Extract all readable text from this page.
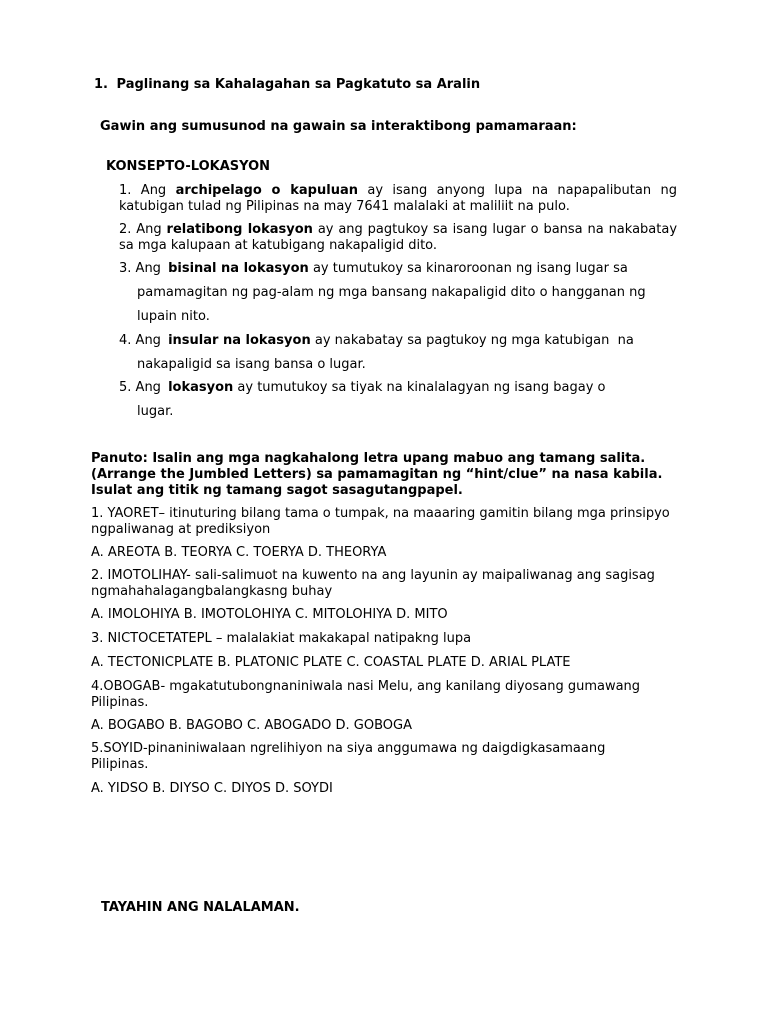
1. Paglinang sa Kahalagahan sa Pagkatuto sa Aralin
Gawin ang sumusunod na gawain sa interaktibong pamamaraan:
KONSEPTO-LOKASYON
1. Ang archipelago o kapuluan ay isang anyong lupa na napapalibutan ng katubigan tulad ng Pilipinas na may 7641 malalaki at maliliit na pulo.
2. Ang relatibong lokasyon ay ang pagtukoy sa isang lugar o bansa na nakabatay sa mga kalupaan at katubigang nakapaligid dito.
3. Ang bisinal na lokasyon ay tumutukoy sa kinaroroonan ng isang lugar sa
pamamagitan ng pag-alam ng mga bansang nakapaligid dito o hangganan ng
lupain nito.
4. Ang insular na lokasyon ay nakabatay sa pagtukoy ng mga katubigan  na
nakapaligid sa isang bansa o lugar.
5. Ang lokasyon ay tumutukoy sa tiyak na kinalalagyan ng isang bagay o
lugar.
Panuto: Isalin ang mga nagkahalong letra upang mabuo ang tamang salita. (Arrange the Jumbled Letters) sa pamamagitan ng “hint/clue” na nasa kabila. Isulat ang titik ng tamang sagot sasagutangpapel.
1. YAORET– itinuturing bilang tama o tumpak, na maaaring gamitin bilang mga prinsipyo ngpaliwanag at prediksiyon
A. AREOTA B. TEORYA C. TOERYA D. THEORYA
2. IMOTOLIHAY- sali-salimuot na kuwento na ang layunin ay maipaliwanag ang sagisag ngmahahalagangbalangkasng buhay
A. IMOLOHIYA B. IMOTOLOHIYA C. MITOLOHIYA D. MITO
3. NICTOCETATEPL – malalakiat makakapal natipakng lupa
A. TECTONICPLATE B. PLATONIC PLATE C. COASTAL PLATE D. ARIAL PLATE
4.OBOGAB- mgakatutubongnaniniwala nasi Melu, ang kanilang diyosang gumawang Pilipinas.
A. BOGABO B. BAGOBO C. ABOGADO D. GOBOGA
5.SOYID-pinaniniwalaan ngrelihiyon na siya anggumawa ng daigdigkasamaang Pilipinas.
A. YIDSO B. DIYSO C. DIYOS D. SOYDI
TAYAHIN ANG NALALAMAN.
